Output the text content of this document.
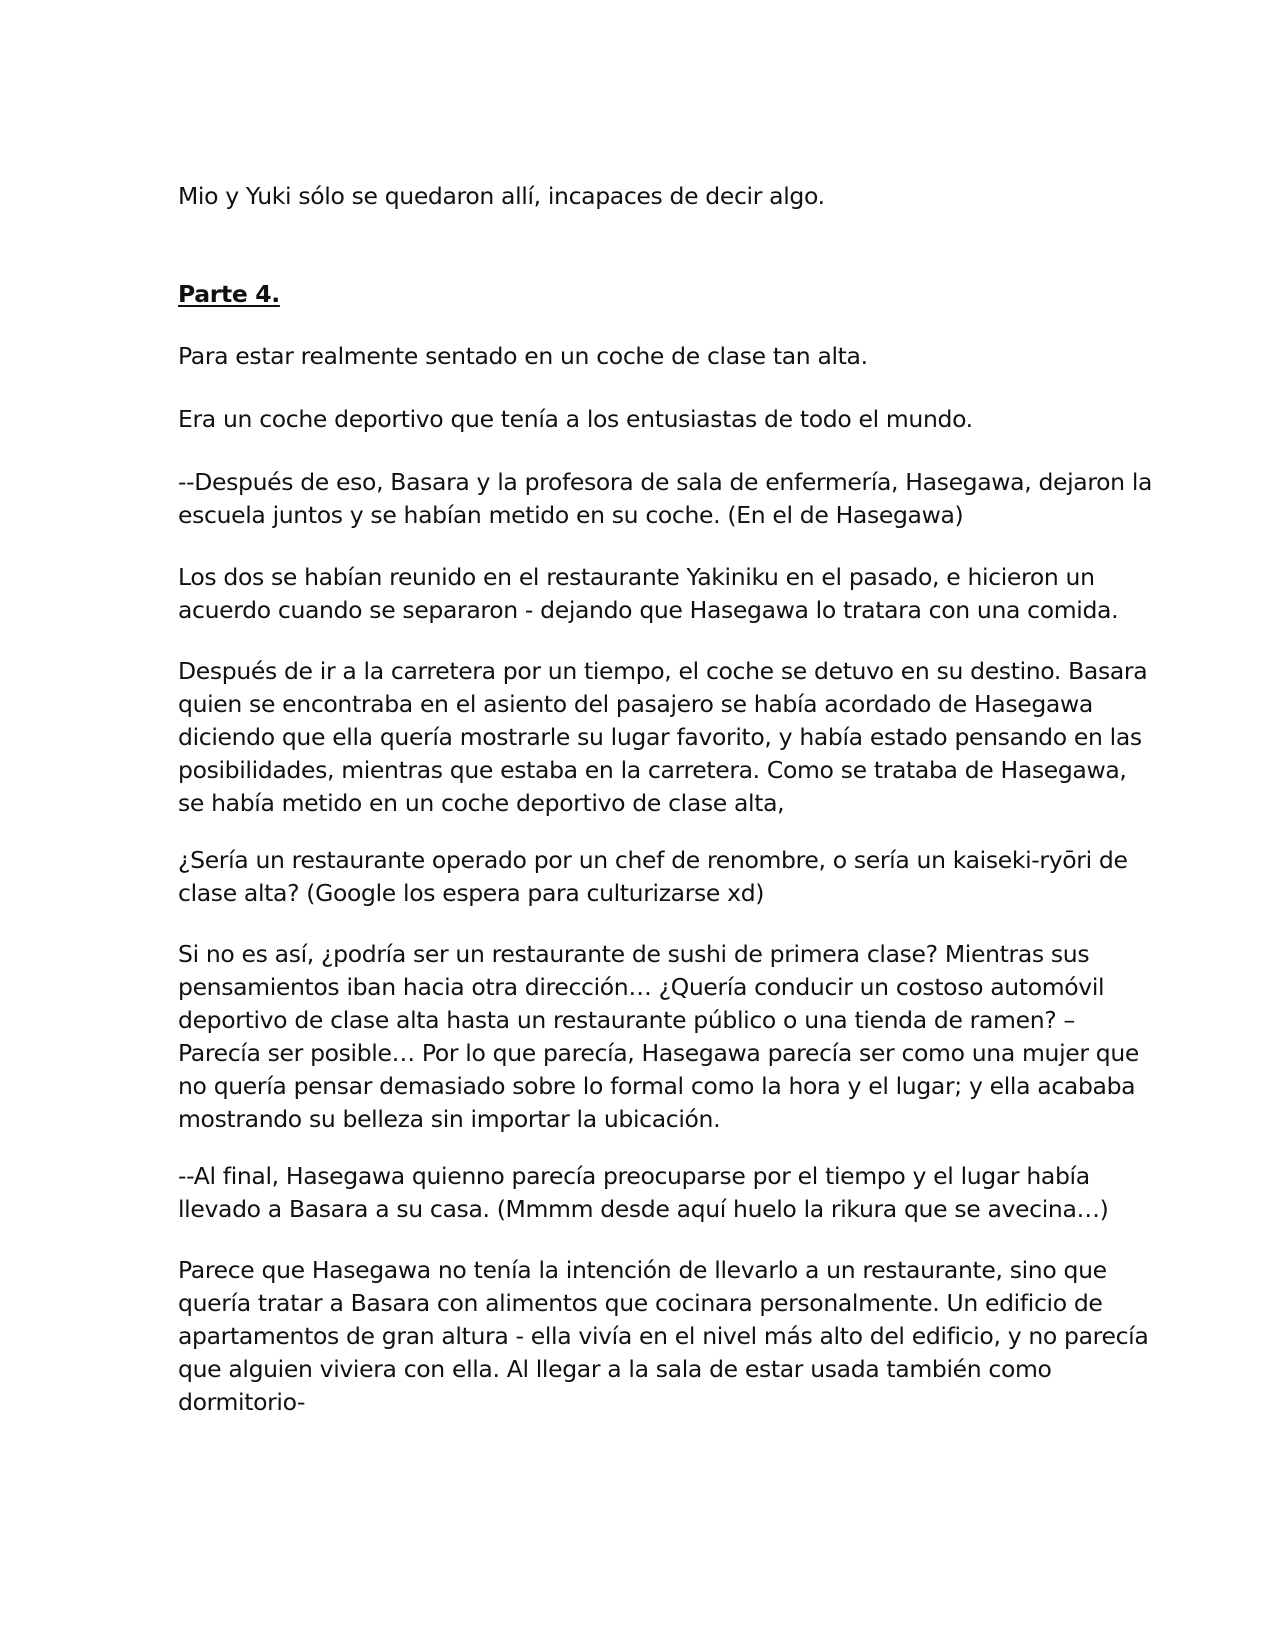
Mio y Yuki sólo se quedaron allí, incapaces de decir algo.

Parte 4.

Para estar realmente sentado en un coche de clase tan alta.

Era un coche deportivo que tenía a los entusiastas de todo el mundo.

--Después de eso, Basara y la profesora de sala de enfermería, Hasegawa, dejaron la
escuela juntos y se habían metido en su coche. (En el de Hasegawa)

Los dos se habían reunido en el restaurante Yakiniku en el pasado, e hicieron un
acuerdo cuando se separaron - dejando que Hasegawa lo tratara con una comida.

Después de ir a la carretera por un tiempo, el coche se detuvo en su destino. Basara
quien se encontraba en el asiento del pasajero se había acordado de Hasegawa
diciendo que ella quería mostrarle su lugar favorito, y había estado pensando en las
posibilidades, mientras que estaba en la carretera. Como se trataba de Hasegawa,
se había metido en un coche deportivo de clase alta,

¿Sería un restaurante operado por un chef de renombre, o sería un kaiseki-ryōri de
clase alta? (Google los espera para culturizarse xd)

Si no es así, ¿podría ser un restaurante de sushi de primera clase? Mientras sus
pensamientos iban hacia otra dirección… ¿Quería conducir un costoso automóvil
deportivo de clase alta hasta un restaurante público o una tienda de ramen? –
Parecía ser posible… Por lo que parecía, Hasegawa parecía ser como una mujer que
no quería pensar demasiado sobre lo formal como la hora y el lugar; y ella acababa
mostrando su belleza sin importar la ubicación.

--Al final, Hasegawa quienno parecía preocuparse por el tiempo y el lugar había
llevado a Basara a su casa. (Mmmm desde aquí huelo la rikura que se avecina…)

Parece que Hasegawa no tenía la intención de llevarlo a un restaurante, sino que
quería tratar a Basara con alimentos que cocinara personalmente. Un edificio de
apartamentos de gran altura - ella vivía en el nivel más alto del edificio, y no parecía
que alguien viviera con ella. Al llegar a la sala de estar usada también como
dormitorio-
